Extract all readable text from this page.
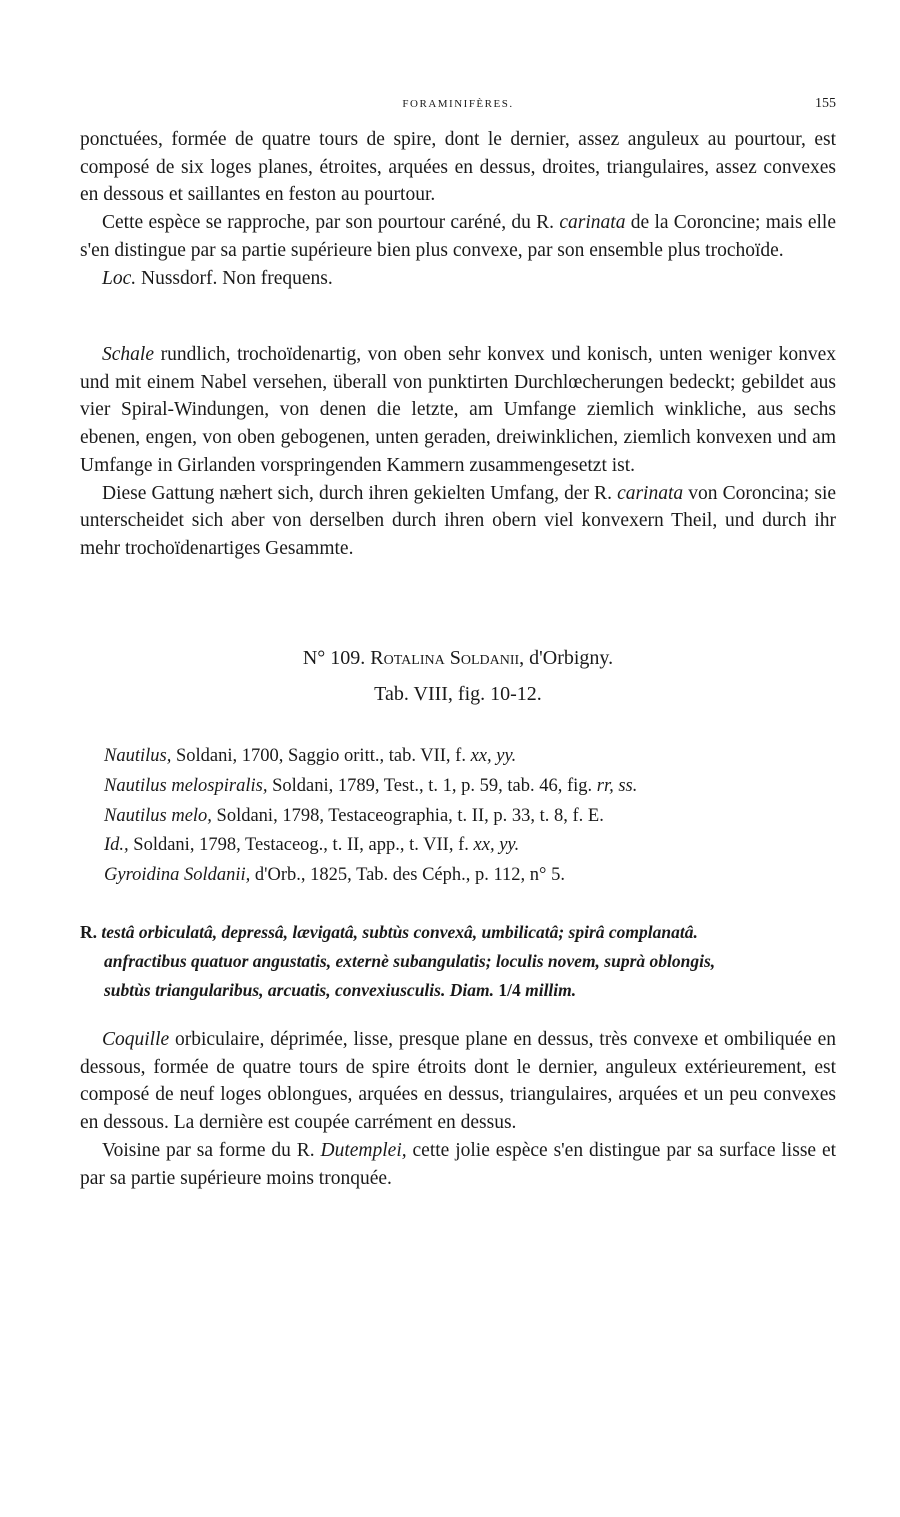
FORAMINIFÈRES.	155

ponctuées, formée de quatre tours de spire, dont le dernier, assez anguleux au pourtour, est composé de six loges planes, étroites, arquées en dessus, droites, triangulaires, assez convexes en dessous et saillantes en feston au pourtour.

Cette espèce se rapproche, par son pourtour caréné, du R. carinata de la Coroncine; mais elle s'en distingue par sa partie supérieure bien plus convexe, par son ensemble plus trochoïde.

Loc. Nussdorf. Non frequens.

Schale rundlich, trochoïdenartig, von oben sehr konvex und konisch, unten weniger konvex und mit einem Nabel versehen, überall von punktirten Durchlœcherungen bedeckt; gebildet aus vier Spiral-Windungen, von denen die letzte, am Umfange ziemlich winkliche, aus sechs ebenen, engen, von oben gebogenen, unten geraden, dreiwinklichen, ziemlich konvexen und am Umfange in Girlanden vorspringenden Kammern zusammengesetzt ist.

Diese Gattung næhert sich, durch ihren gekielten Umfang, der R. carinata von Coroncina; sie unterscheidet sich aber von derselben durch ihren obern viel konvexern Theil, und durch ihr mehr trochoïdenartiges Gesammte.

N° 109. Rotalina Soldanii, d'Orbigny.
Tab. VIII, fig. 10-12.
Nautilus, Soldani, 1700, Saggio oritt., tab. VII, f. xx, yy.
Nautilus melospiralis, Soldani, 1789, Test., t. 1, p. 59, tab. 46, fig. rr, ss.
Nautilus melo, Soldani, 1798, Testaceographia, t. II, p. 33, t. 8, f. E.
Id., Soldani, 1798, Testaceog., t. II, app., t. VII, f. xx, yy.
Gyroidina Soldanii, d'Orb., 1825, Tab. des Céph., p. 112, n° 5.
R. testâ orbiculatâ, depressâ, lævigatâ, subtùs convexâ, umbilicatâ; spirâ complanatâ.
anfractibus quatuor angustatis, externè subangulatis; loculis novem, suprà oblongis,
subtùs triangularibus, arcuatis, convexiusculis. Diam. 1/4 millim.

Coquille orbiculaire, déprimée, lisse, presque plane en dessus, très convexe et ombiliquée en dessous, formée de quatre tours de spire étroits dont le dernier, anguleux extérieurement, est composé de neuf loges oblongues, arquées en dessus, triangulaires, arquées et un peu convexes en dessous. La dernière est coupée carrément en dessus.

Voisine par sa forme du R. Dutemplei, cette jolie espèce s'en distingue par sa surface lisse et par sa partie supérieure moins tronquée.
